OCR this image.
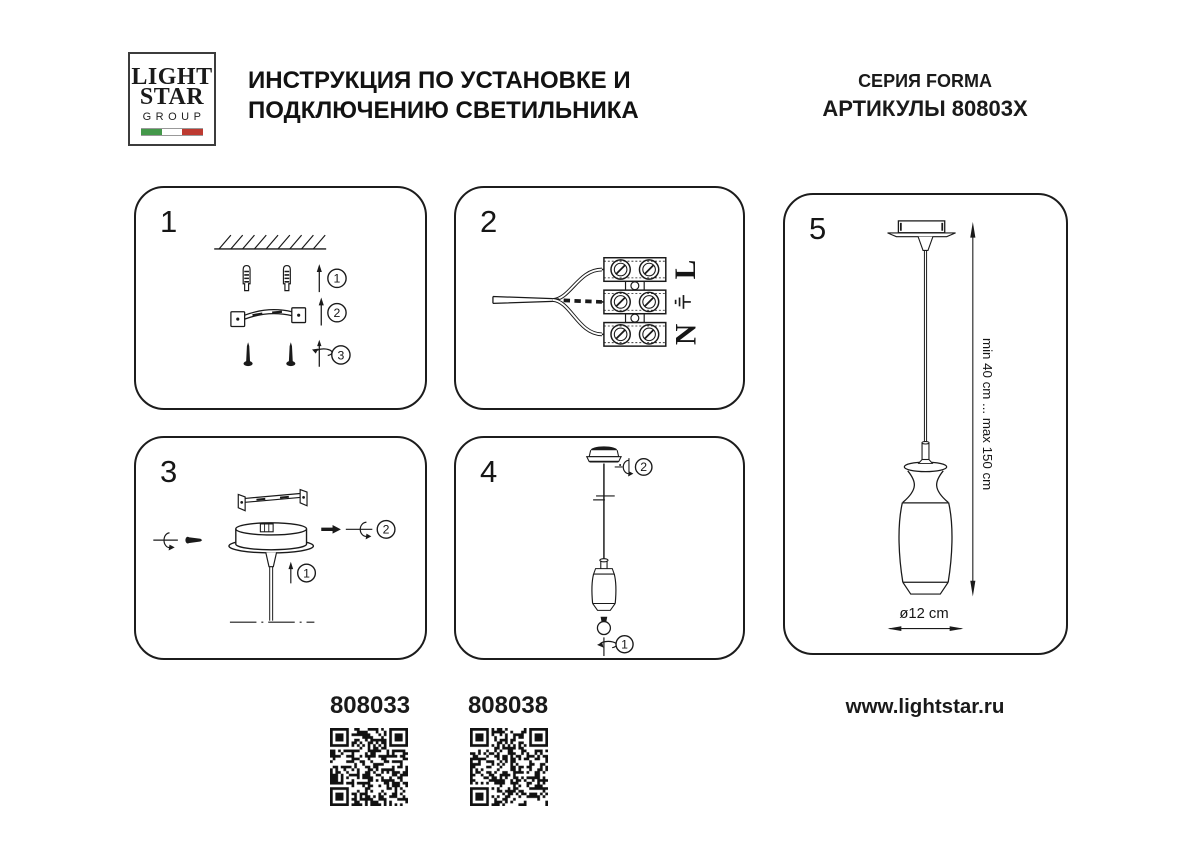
LIGHT
STAR
GROUP
ИНСТРУКЦИЯ ПО УСТАНОВКЕ И
ПОДКЛЮЧЕНИЮ СВЕТИЛЬНИКА
СЕРИЯ FORMA
АРТИКУЛЫ 80803X
1
2
3
1
L
N
2
2
1
3	2
1
4	min 40 cm ... max 150 cm
ø12 cm
5
808033 808038	www.lightstar.ru
